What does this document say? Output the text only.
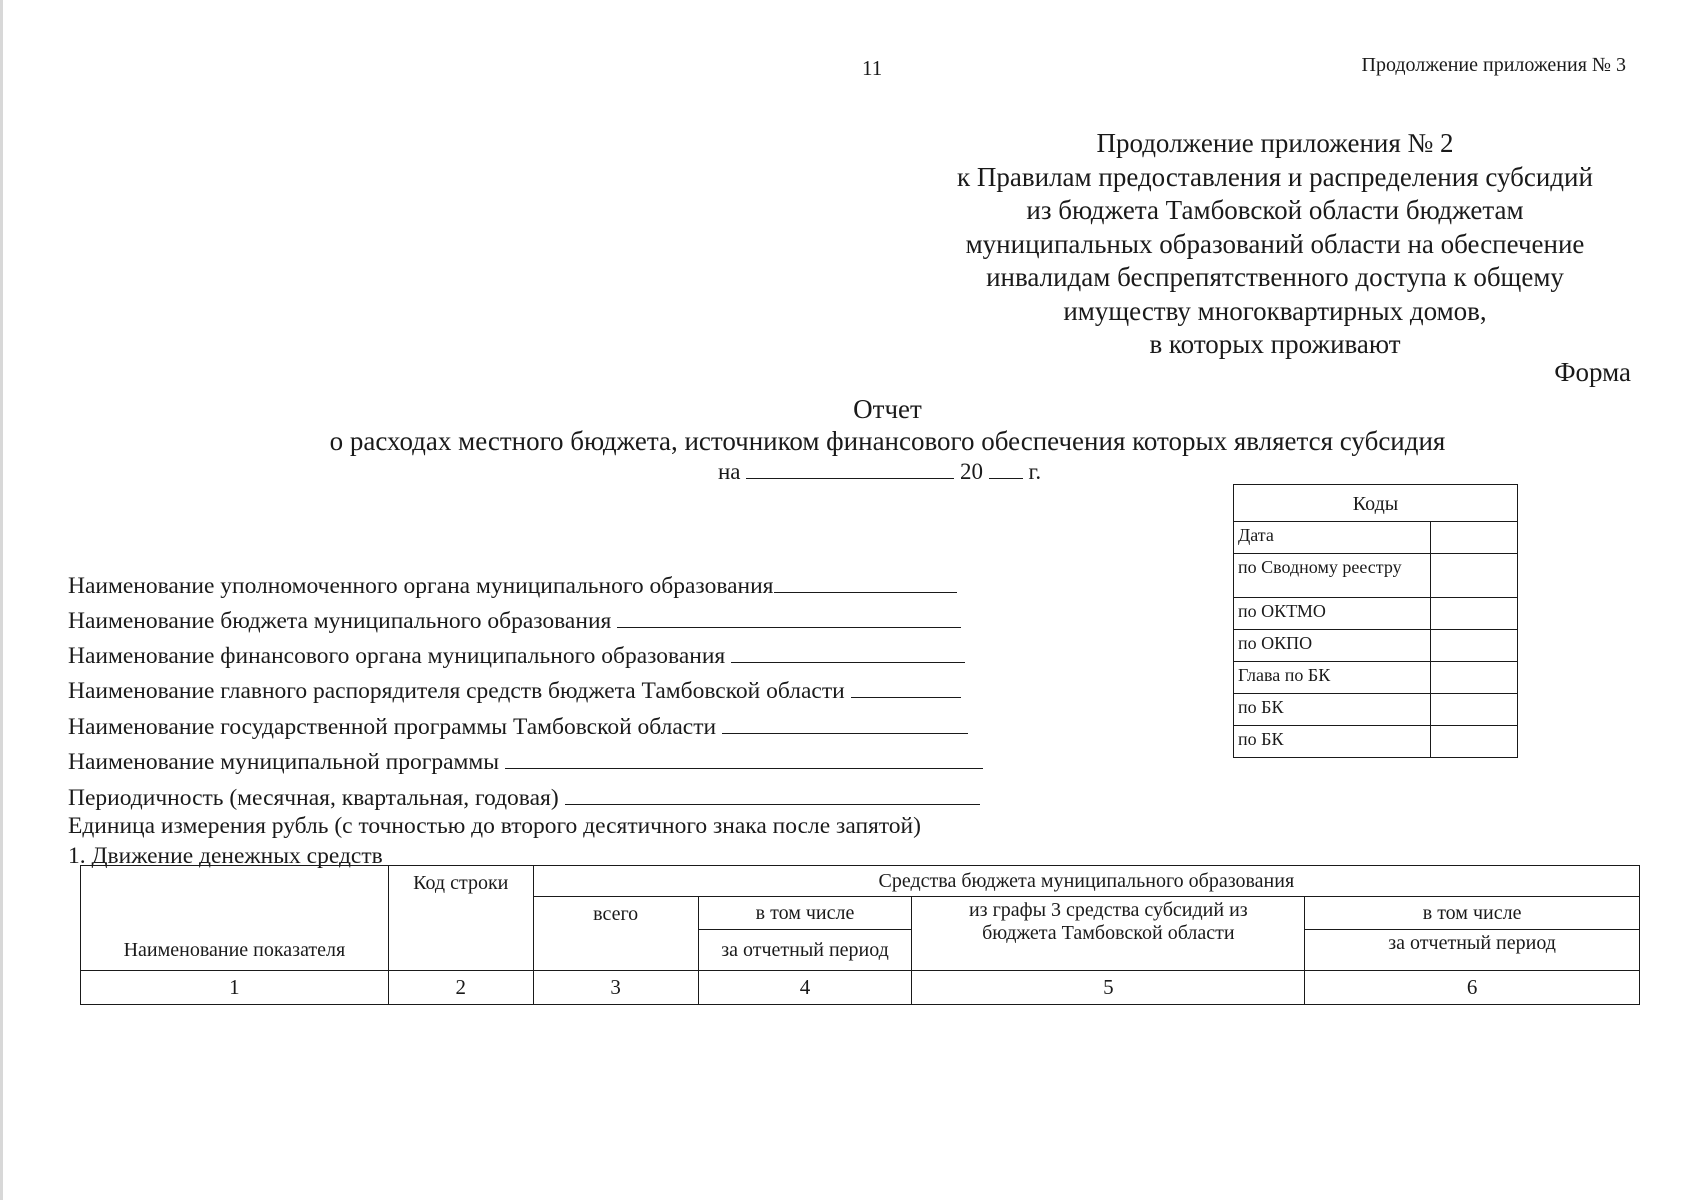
11	Продолжение приложения № 3
Продолжение приложения № 2
к Правилам предоставления и распределения субсидий
из бюджета Тамбовской области бюджетам
муниципальных образований области на обеспечение
инвалидам беспрепятственного доступа к общему
имуществу многоквартирных домов,
в которых проживают
Форма
Отчет
о расходах местного бюджета, источником финансового обеспечения которых является субсидия
на	20 г.
Коды	
Дата	
по Сводному реестру	
по ОКТМО	
по ОКПО	
Глава по БК	
по БК	
по БК	
Наименование уполномоченного органа муниципального образования
Наименование бюджета муниципального образования
Наименование финансового органа муниципального образования
Наименование главного распорядителя средств бюджета Тамбовской области
Наименование государственной программы Тамбовской области
Наименование муниципальной программы
Периодичность (месячная, квартальная, годовая)
Единица измерения рубль (с точностью до второго десятичного знака после запятой)
1. Движение денежных средств
Наименование показателя	Код строки	Средства бюджета муниципального образования			
		всего	в том числе	из графы 3 средства субсидий из бюджета Тамбовской области	в том числе
			за отчетный период		за отчетный период
1	2	3	4	5	6
